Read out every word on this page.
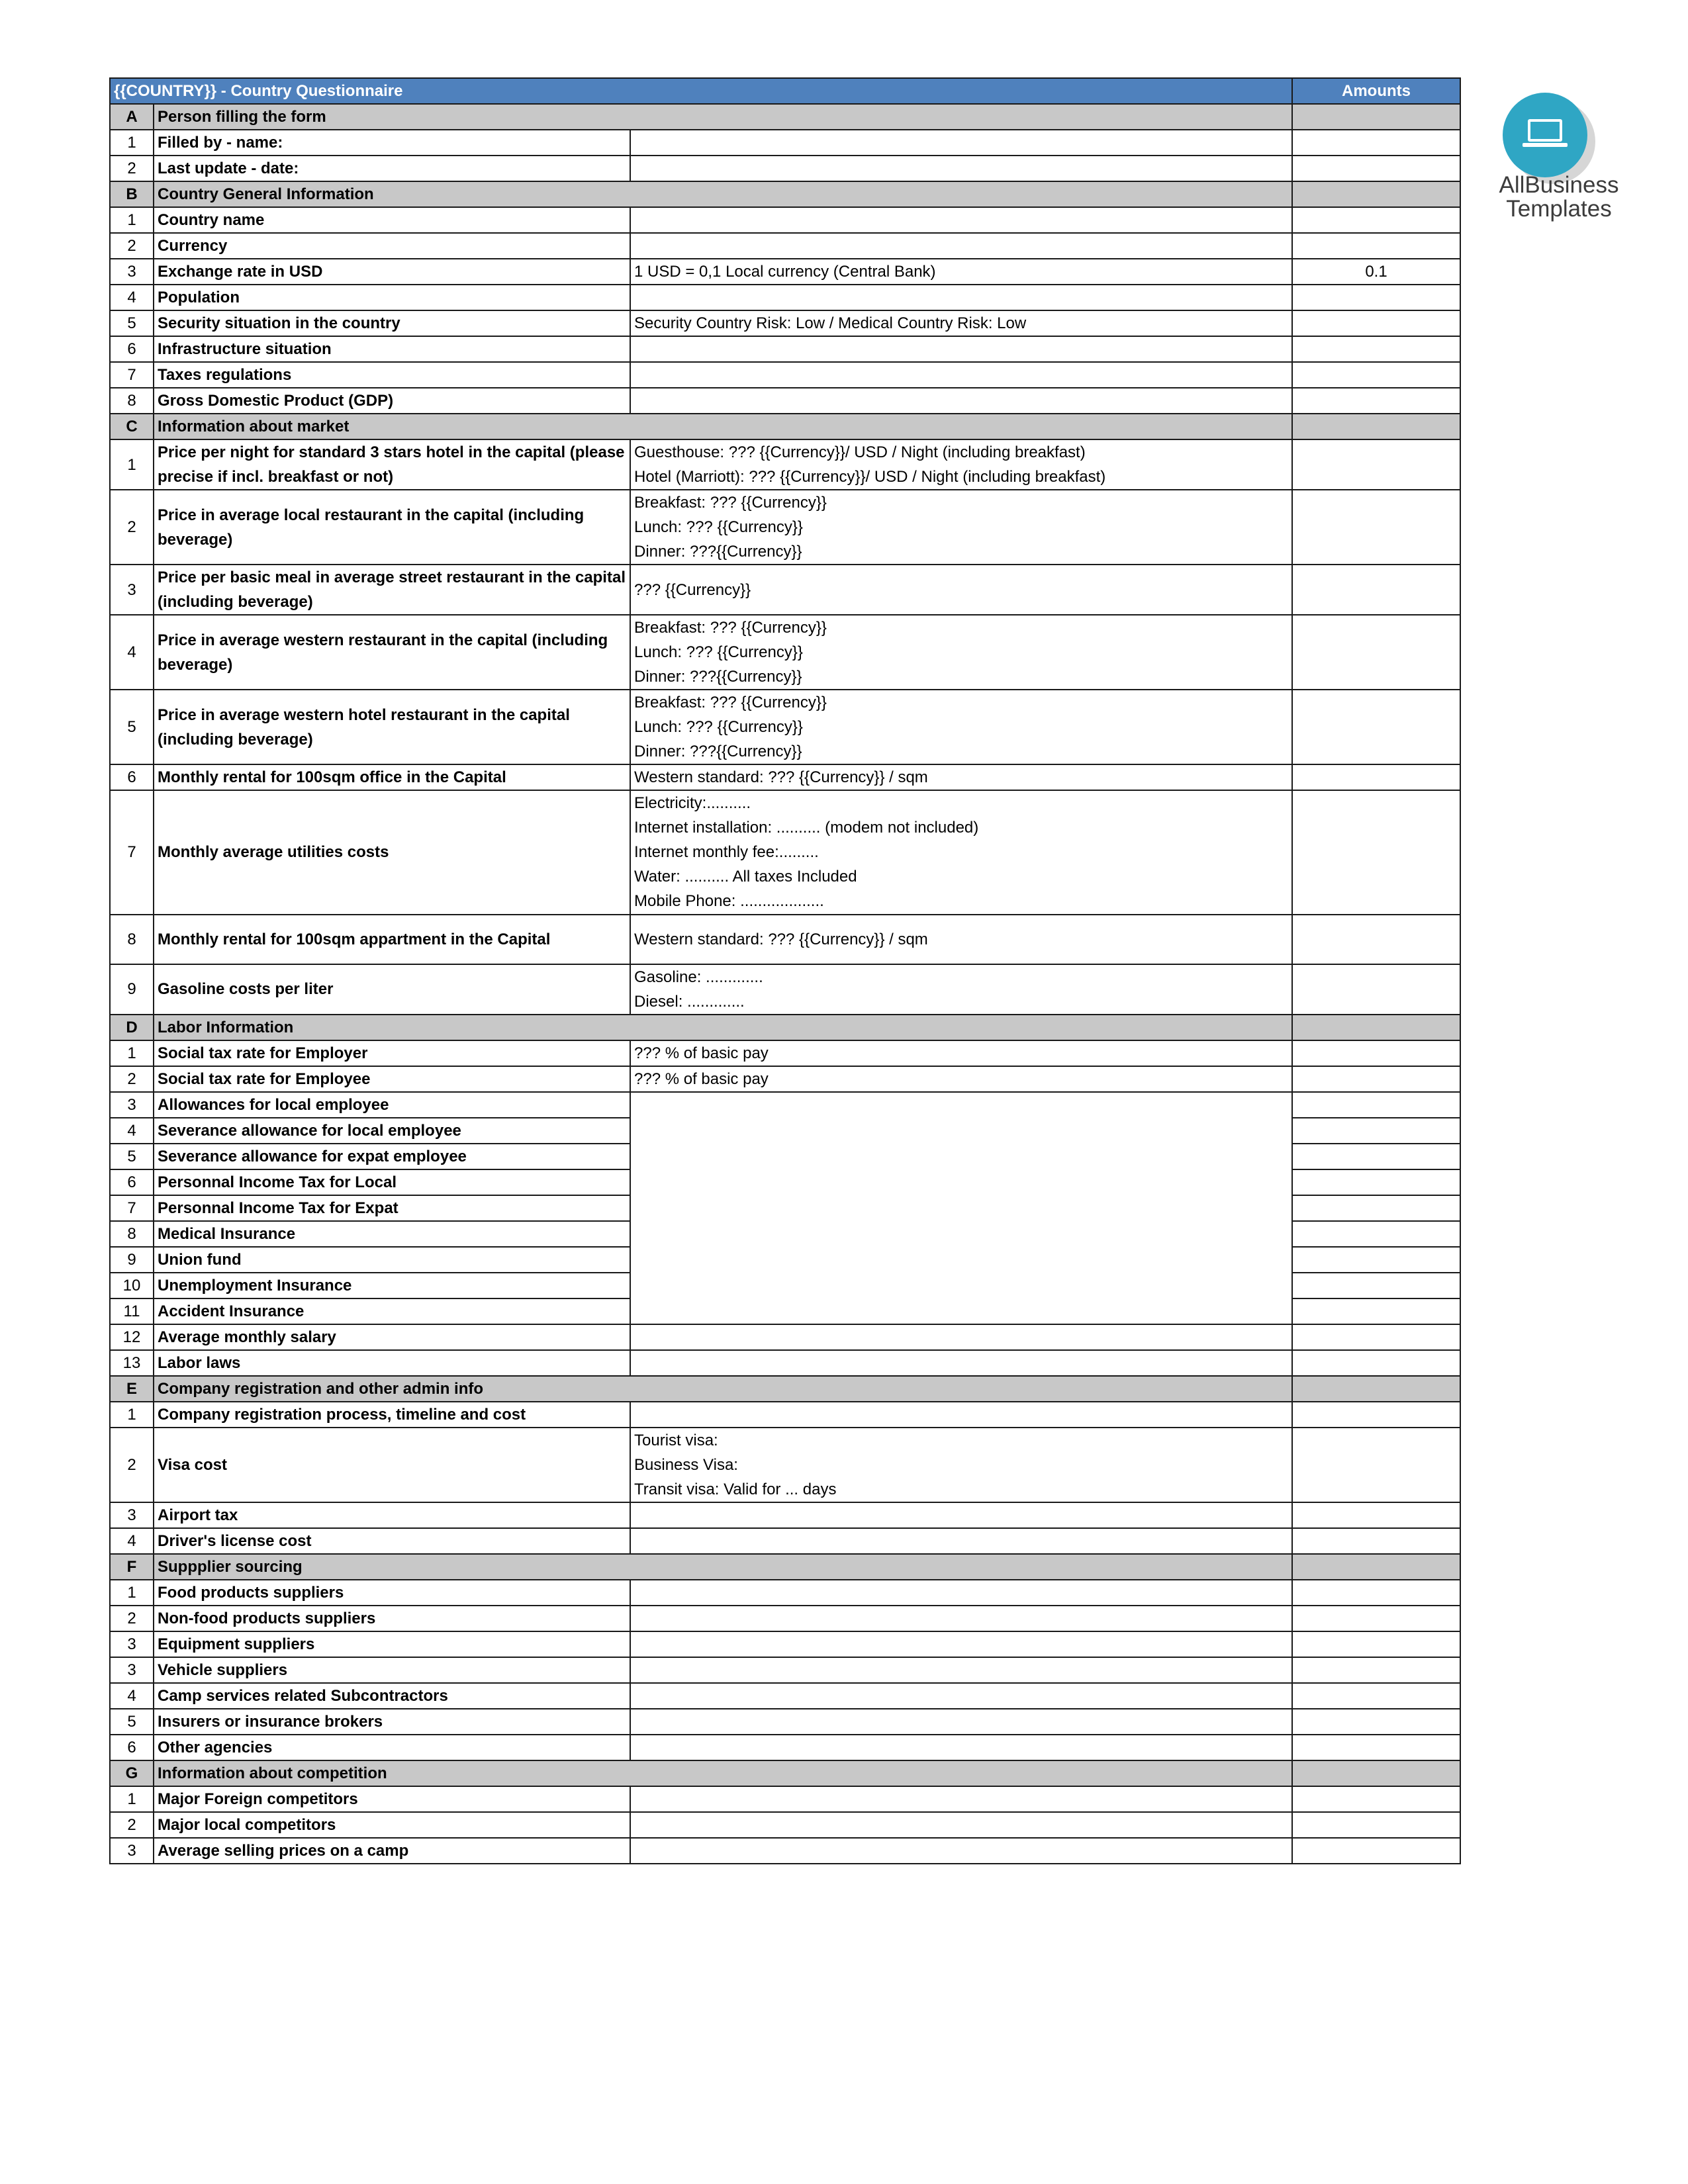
{{COUNTRY}} - Country Questionnaire			Amounts
A	Person filling the form		
1	Filled by - name:		
2	Last update - date:		
B	Country General Information		
1	Country name		
2	Currency		
3	Exchange rate in USD	1 USD = 0,1 Local currency (Central Bank)	0.1
4	Population		
5	Security situation in the country	Security Country Risk: Low / Medical Country Risk: Low	

6	Infrastructure situation		
7	Taxes regulations		
8	Gross Domestic Product (GDP)		
C	Information about market		
1	Price per night for standard 3 stars hotel in the capital (please precise if incl. breakfast or not)	Guesthouse: ??? {{Currency}}/ USD / Night (including breakfast)
Hotel (Marriott): ??? {{Currency}}/ USD / Night (including breakfast)	

2	Price in average local restaurant in the capital (including beverage)	Breakfast: ??? {{Currency}}
Lunch: ??? {{Currency}}
Dinner: ???{{Currency}}	

3	Price per basic meal in average street restaurant in the capital (including beverage)	??? {{Currency}}	

4	Price in average western restaurant in the capital (including beverage)	Breakfast: ??? {{Currency}}
Lunch: ??? {{Currency}}
Dinner: ???{{Currency}}	

5	Price in average western hotel restaurant in the capital (including beverage)	Breakfast: ??? {{Currency}}
Lunch: ??? {{Currency}}
Dinner: ???{{Currency}}	

6	Monthly rental for 100sqm office in the Capital	Western standard: ??? {{Currency}} / sqm	

7	Monthly average utilities costs	Electricity:..........
Internet installation: .......... (modem not included)
Internet monthly fee:.........
Water: .......... All taxes Included
Mobile Phone: ...................	

8	Monthly rental for 100sqm appartment in the Capital	Western standard: ??? {{Currency}} / sqm	

9	Gasoline costs per liter	Gasoline: .............
Diesel: .............	

D	Labor Information		
1	Social tax rate for Employer	??? % of basic pay	

2	Social tax rate for Employee	??? % of basic pay	

3	Allowances for local employee		
4	Severance allowance for local employee		
5	Severance allowance for expat employee		
6	Personnal Income Tax for Local		
7	Personnal Income Tax for Expat		
8	Medical Insurance		
9	Union fund		
10	Unemployment Insurance		
11	Accident Insurance		
12	Average monthly salary		
13	Labor laws		
E	Company registration and other admin info		
1	Company registration process, timeline and cost		
2	Visa cost	Tourist visa:
Business Visa:
Transit visa: Valid for ... days	

3	Airport tax		
4	Driver's license cost		
F	Suppplier sourcing		
1	Food products suppliers		
2	Non-food products suppliers		
3	Equipment suppliers		
3	Vehicle suppliers		
4	Camp services related Subcontractors		
5	Insurers or insurance brokers		
6	Other agencies		
G	Information about competition		
1	Major Foreign competitors		
2	Major local competitors		
3	Average selling prices on a camp		
AllBusiness
Templates
